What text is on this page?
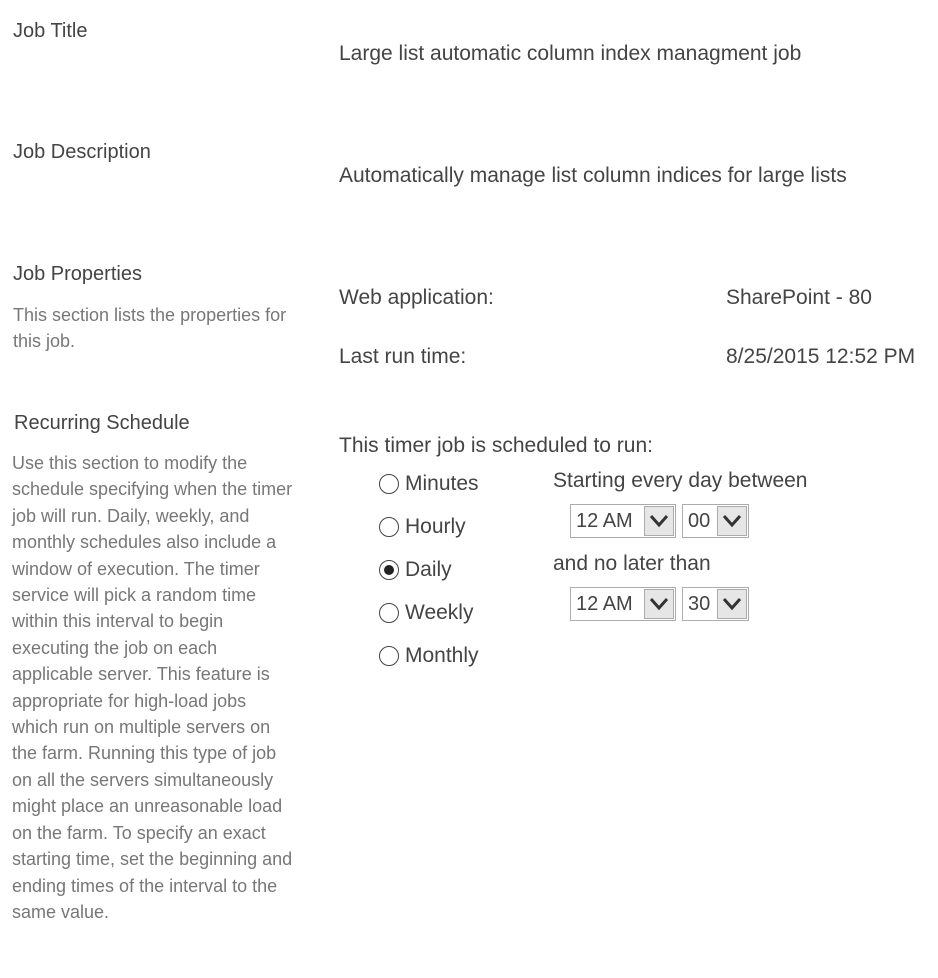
Job Title
Large list automatic column index managment job
Job Description
Automatically manage list column indices for large lists
Job Properties
This section lists the properties for this job.
Web application:	SharePoint - 80
Last run time:	8/25/2015 12:52 PM
Recurring Schedule
Use this section to modify the schedule specifying when the timer job will run. Daily, weekly, and monthly schedules also include a window of execution. The timer service will pick a random time within this interval to begin executing the job on each applicable server. This feature is appropriate for high-load jobs which run on multiple servers on the farm. Running this type of job on all the servers simultaneously might place an unreasonable load on the farm. To specify an exact starting time, set the beginning and ending times of the interval to the same value.
This timer job is scheduled to run:
Minutes
Hourly
Daily
Weekly
Monthly
Starting every day between
12 AM	00
and no later than
12 AM	30
